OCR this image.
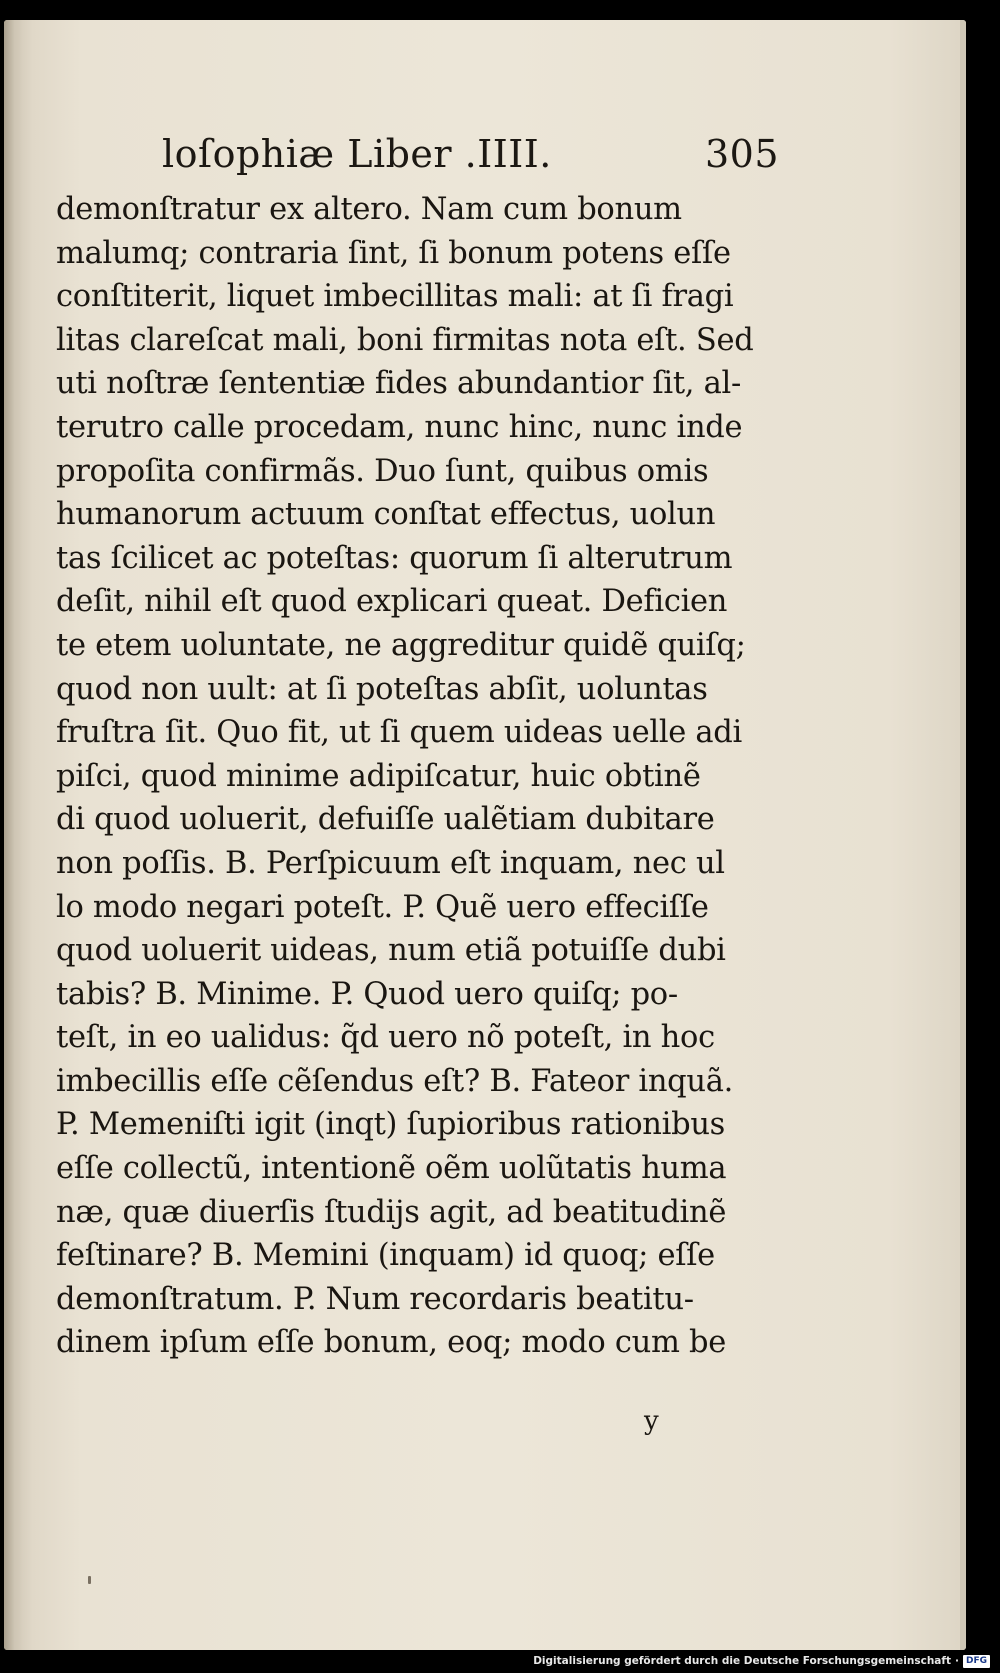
loſophiæ Liber .IIII.	305
demonſtratur ex altero. Nam cum bonum
malumq; contraria ſint, ſi bonum potens eſſe
conſtiterit, liquet imbecillitas mali: at ſi fragi
litas clareſcat mali, boni firmitas nota eſt. Sed
uti noſtræ ſententiæ fides abundantior ſit, al-
terutro calle procedam, nunc hinc, nunc inde
propoſita confirmãs. Duo ſunt, quibus omis
humanorum actuum conſtat effectus, uolun
tas ſcilicet ac poteſtas: quorum ſi alterutrum
deſit, nihil eſt quod explicari queat. Deficien
te etem uoluntate, ne aggreditur quidẽ quiſq;
quod non uult: at ſi poteſtas abſit, uoluntas
fruſtra ſit. Quo fit, ut ſi quem uideas uelle adi
piſci, quod minime adipiſcatur, huic obtinẽ
di quod uoluerit, defuiſſe ualẽtiam dubitare
non poſſis. B. Perſpicuum eſt inquam, nec ul
lo modo negari poteſt. P. Quẽ uero effeciſſe
quod uoluerit uideas, num etiã potuiſſe dubi
tabis? B. Minime. P. Quod uero quiſq; po-
teſt, in eo ualidus: q̃d uero nõ poteſt, in hoc
imbecillis eſſe cẽſendus eſt? B. Fateor inquã.
P. Memeniſti igit (inqt) ſupioribus rationibus
eſſe collectũ, intentionẽ oẽm uolũtatis huma
næ, quæ diuerſis ſtudijs agit, ad beatitudinẽ
feſtinare? B. Memini (inquam) id quoq; eſſe
demonſtratum. P. Num recordaris beatitu-
dinem ipſum eſſe bonum, eoq; modo cum be
y
Digitalisierung gefördert durch die Deutsche Forschungsgemeinschaft · DFG
